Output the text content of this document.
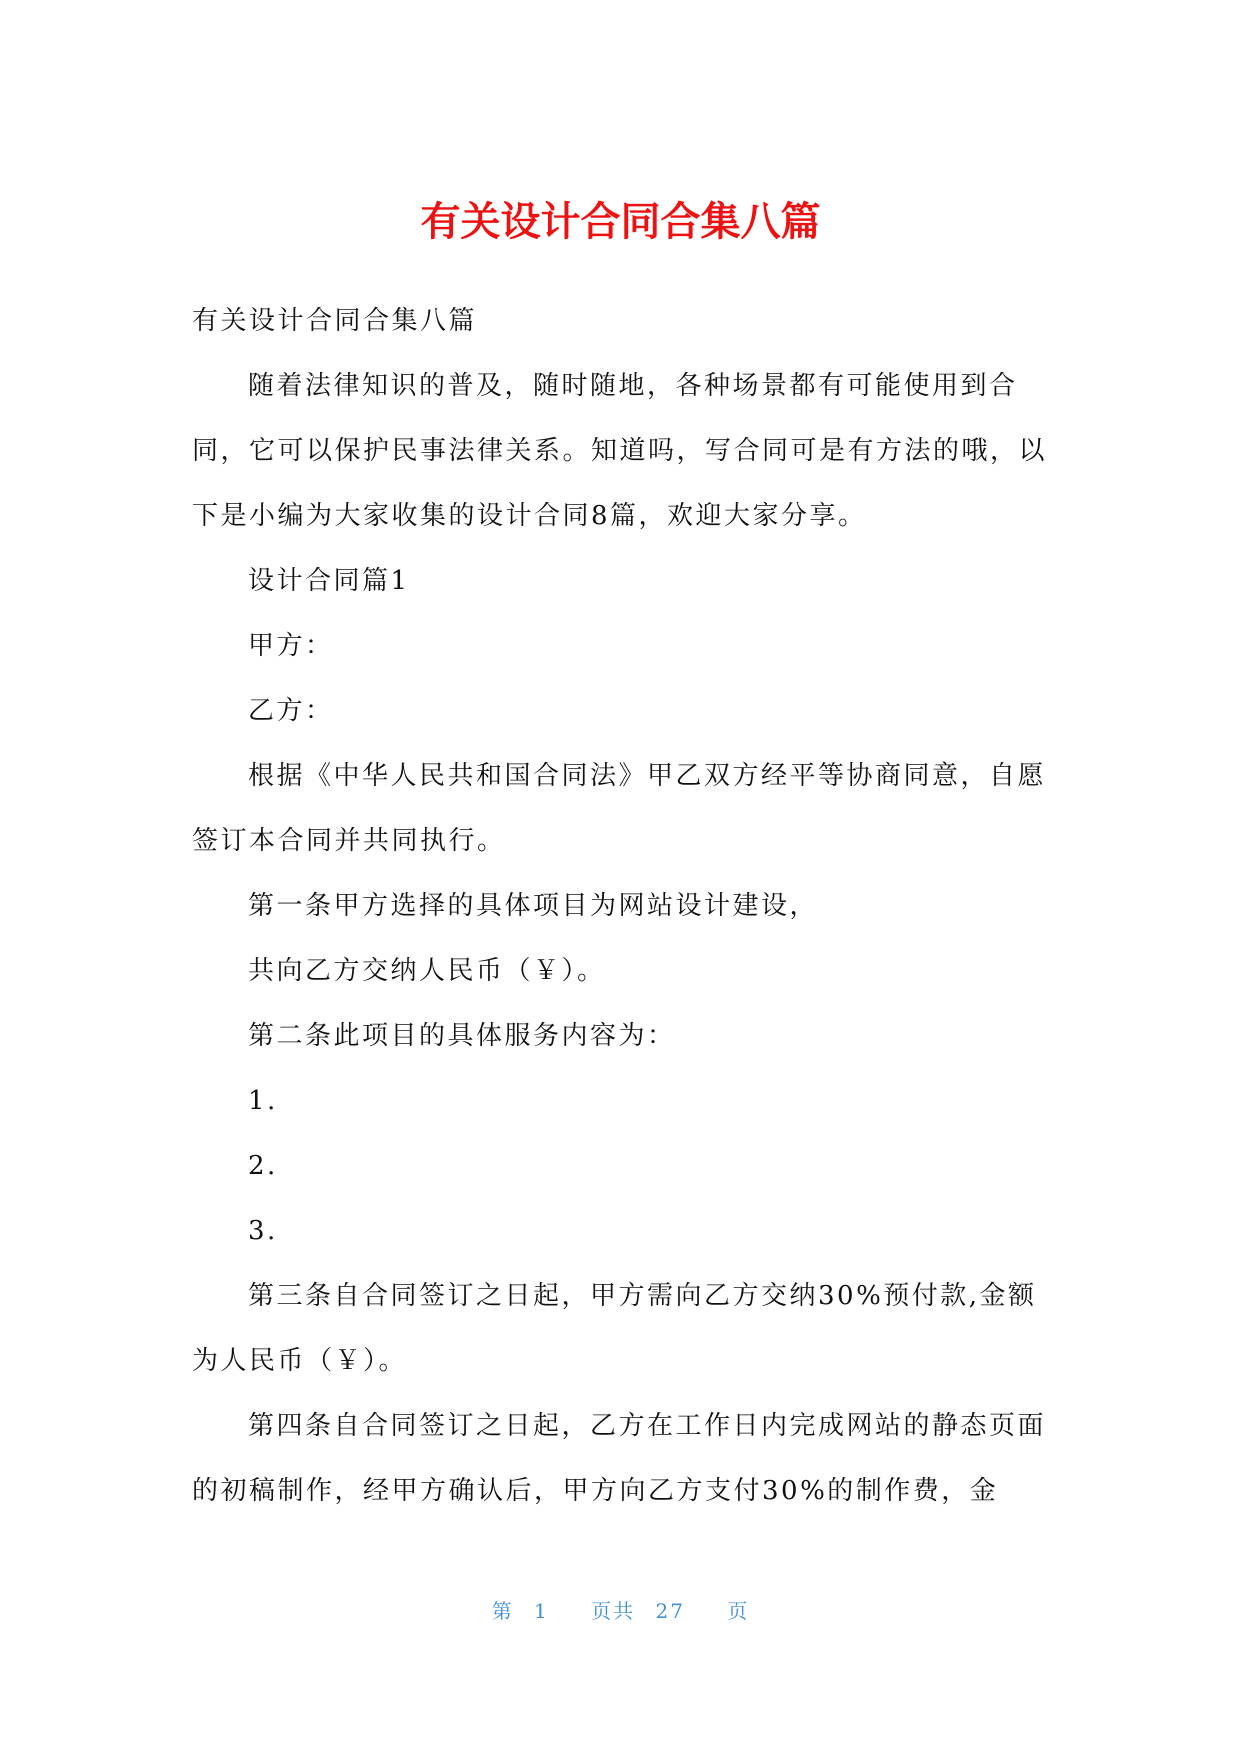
有关设计合同合集八篇

有关设计合同合集八篇

随着法律知识的普及，随时随地，各种场景都有可能使用到合同，它可以保护民事法律关系。知道吗，写合同可是有方法的哦，以下是小编为大家收集的设计合同8篇，欢迎大家分享。

设计合同篇1

甲方：

乙方：

根据《中华人民共和国合同法》甲乙双方经平等协商同意，自愿签订本合同并共同执行。

第一条甲方选择的具体项目为网站设计建设，

共向乙方交纳人民币（￥）。

第二条此项目的具体服务内容为：

1.

2.

3.

第三条自合同签订之日起，甲方需向乙方交纳30%预付款,金额为人民币（￥）。

第四条自合同签订之日起，乙方在工作日内完成网站的静态页面的初稿制作，经甲方确认后，甲方向乙方支付30%的制作费，金

第 1 页共 27 页
